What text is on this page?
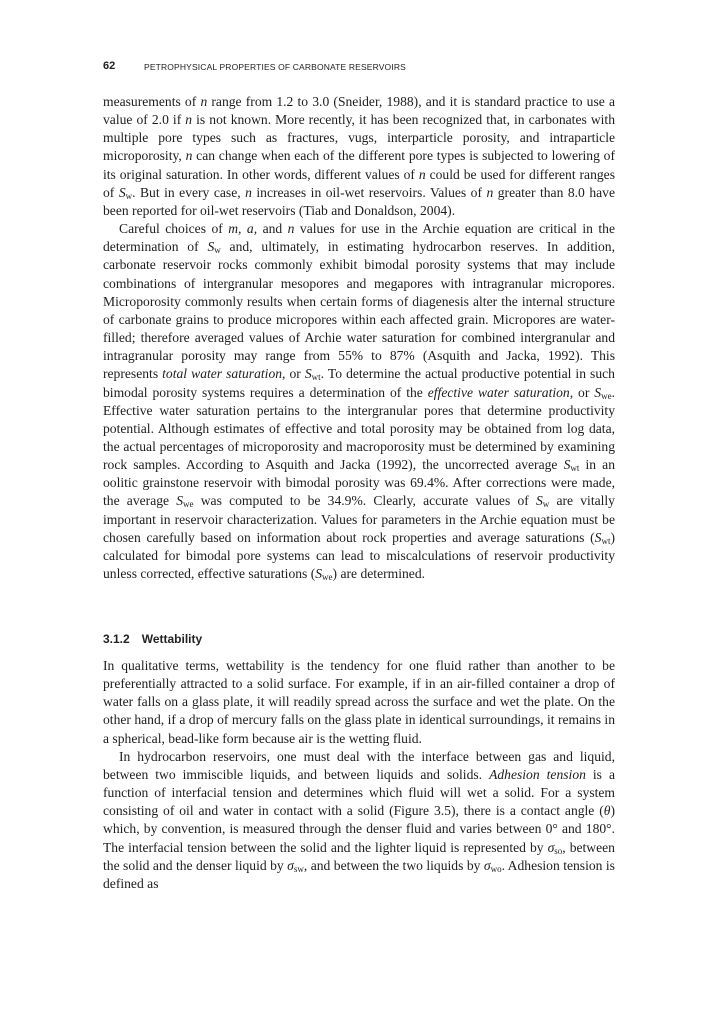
62	PETROPHYSICAL PROPERTIES OF CARBONATE RESERVOIRS

measurements of n range from 1.2 to 3.0 (Sneider, 1988), and it is standard practice to use a value of 2.0 if n is not known. More recently, it has been recognized that, in carbonates with multiple pore types such as fractures, vugs, interparticle porosity, and intraparticle microporosity, n can change when each of the different pore types is subjected to lowering of its original saturation. In other words, different values of n could be used for different ranges of $S_w$. But in every case, n increases in oil-wet reservoirs. Values of n greater than 8.0 have been reported for oil-wet reservoirs (Tiab and Donaldson, 2004).

Careful choices of m, a, and n values for use in the Archie equation are critical in the determination of $S_w$ and, ultimately, in estimating hydrocarbon reserves. In addition, carbonate reservoir rocks commonly exhibit bimodal porosity systems that may include combinations of intergranular mesopores and megapores with intragranular micropores. Microporosity commonly results when certain forms of diagenesis alter the internal structure of carbonate grains to produce micropores within each affected grain. Micropores are water-filled; therefore averaged values of Archie water saturation for combined intergranular and intragranular porosity may range from 55% to 87% (Asquith and Jacka, 1992). This represents total water saturation, or $S_{wt}$. To determine the actual productive potential in such bimodal porosity systems requires a determination of the effective water saturation, or $S_{we}$. Effective water saturation pertains to the intergranular pores that determine productivity potential. Although estimates of effective and total porosity may be obtained from log data, the actual percentages of microporosity and macroporosity must be determined by examining rock samples. According to Asquith and Jacka (1992), the uncorrected average $S_{wt}$ in an oolitic grainstone reservoir with bimodal porosity was 69.4%. After corrections were made, the average $S_{we}$ was computed to be 34.9%. Clearly, accurate values of $S_w$ are vitally important in reservoir characterization. Values for parameters in the Archie equation must be chosen carefully based on information about rock properties and average saturations $(S_{wt})$ calculated for bimodal pore systems can lead to miscalculations of reservoir productivity unless corrected, effective saturations $(S_{we})$ are determined.

3.1.2 Wettability

In qualitative terms, wettability is the tendency for one fluid rather than another to be preferentially attracted to a solid surface. For example, if in an air-filled container a drop of water falls on a glass plate, it will readily spread across the surface and wet the plate. On the other hand, if a drop of mercury falls on the glass plate in identical surroundings, it remains in a spherical, bead-like form because air is the wetting fluid.

In hydrocarbon reservoirs, one must deal with the interface between gas and liquid, between two immiscible liquids, and between liquids and solids. Adhesion tension is a function of interfacial tension and determines which fluid will wet a solid. For a system consisting of oil and water in contact with a solid (Figure 3.5), there is a contact angle (θ) which, by convention, is measured through the denser fluid and varies between 0° and 180°. The interfacial tension between the solid and the lighter liquid is represented by $\sigma_{so}$, between the solid and the denser liquid by $\sigma_{sw}$, and between the two liquids by $\sigma_{wo}$. Adhesion tension is defined as
